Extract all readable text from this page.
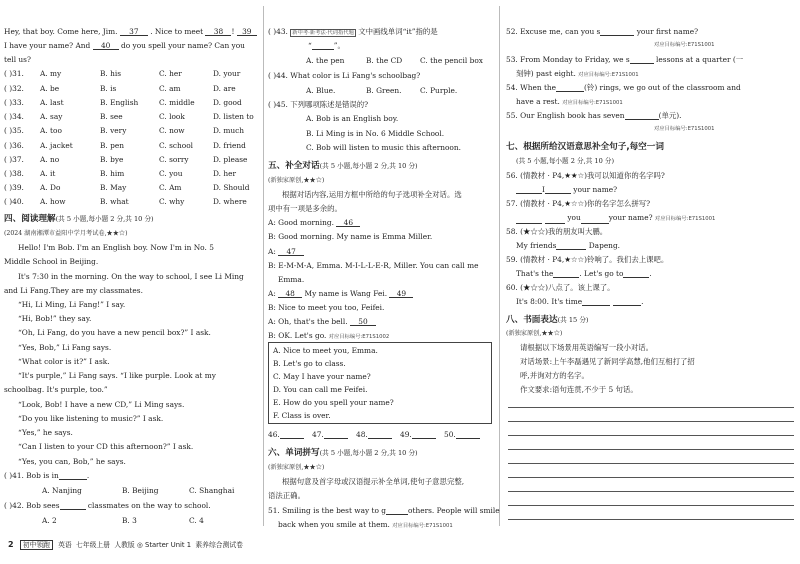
Hey, that boy. Come here, Jim. 37 . Nice to meet 38 ! 39
I have your name? And 40 do you spell your name? Can you
tell us?
( )31. A. my	B. his	C. her	D. your
( )32. A. be	B. is	C. am	D. are
( )33. A. last	B. English	C. middle D. good
( )34. A. say	B. see	C. look	D. listen to
( )35. A. too	B. very	C. now	D. much
( )36. A. jacket	B. pen	C. school	D. friend
( )37. A. no	B. bye	C. sorry	D. please
( )38. A. it	B. him	C. you	D. her
( )39. A. Do	B. May	C. Am	D. Should
( )40. A. how	B. what	C. why	D. where
四、阅读理解(共 5 小题,每小题 2 分,共 10 分)
(2024 湖南湘潭市益阳中学月考试卷,★★☆)
Hello! I'm Bob. I'm an English boy. Now I'm in No. 5
Middle School in Beijing.
It's 7:30 in the morning. On the way to school, I see Li Ming
and Li Fang.They are my classmates.
“Hi, Li Ming, Li Fang!” I say.
“Hi, Bob!” they say.
“Oh, Li Fang, do you have a new pencil box?” I ask.
“Yes, Bob,” Li Fang says.
“What color is it?” I ask.
“It's purple,” Li Fang says. “I like purple. Look at my
schoolbag. It's purple, too.”
“Look, Bob! I have a new CD,” Li Ming says.
“Do you like listening to music?” I ask.
“Yes,” he says.
“Can I listen to your CD this afternoon?” I ask.
“Yes, you can, Bob,” he says.
( )41. Bob is in	.
A. Nanjing	B. Beijing	C. Shanghai
( )42. Bob sees	classmates on the way to school.
A. 2	B. 3	C. 4
( )43. 新中考·新考法·代词指代题 文中画线单词“it”指的是
“	”。
A. the pen	B. the CD C. the pencil box
( )44. What color is Li Fang's schoolbag?
A. Blue.	B. Green.	C. Purple.
( )45. 下列哪项陈述是错误的?
A. Bob is an English boy.
B. Li Ming is in No. 6 Middle School.
C. Bob will listen to music this afternoon.
五、补全对话(共 5 小题,每小题 2 分,共 10 分)
(新独家原创,★★☆)
根据对话内容,运用方框中所给的句子选项补全对话。选
项中有一项是多余的。
A: Good morning. 46
B: Good morning. My name is Emma Miller.
A: 47
B: E-M-M-A, Emma. M-I-L-L-E-R, Miller. You can call me
Emma.
A: 48 My name is Wang Fei. 49
B: Nice to meet you too, Feifei.
A: Oh, that's the bell. 50
B: OK. Let's go. 对应目标编号:E71S1002
A. Nice to meet you, Emma.
B. Let's go to class.
C. May I have your name?
D. You can call me Feifei.
E. How do you spell your name?
F. Class is over.
46.	47.	48.	49.	50.
六、单词拼写(共 5 小题,每小题 2 分,共 10 分)
(新独家原创,★★☆)
根据句意及首字母或汉语提示补全单词,使句子意思完整,
语法正确。
51. Smiling is the best way to g	others. People will smile
back when you smile at them. 对应目标编号:E71S1001
52. Excuse me, can you s	your first name?
对应目标编号:E71S1001
53. From Monday to Friday, we s	lessons at a quarter (一
刻钟) past eight. 对应目标编号:E71S1001
54. When the	(铃) rings, we go out of the classroom and
have a rest. 对应目标编号:E71S1001
55. Our English book has seven	(单元).
对应目标编号:E71S1001
七、根据所给汉语意思补全句子,每空一词
(共 5 小题,每小题 2 分,共 10 分)
56. (情教材 · P4,★★☆)我可以知道你的名字吗?
I	your name?
57. (情教材 · P4,★☆☆)你的名字怎么拼写?
you	your name? 对应目标编号:E71S1001
58. (★☆☆)我的朋友叫大鹏。
My friends	Dapeng.
59. (情教材 · P4,★☆☆)铃响了。我们去上课吧。
That's the	. Let's go to	.
60. (★☆☆)八点了。该上课了。
It's 8:00. It's time	.
八、书面表达(共 15 分)
(新独家原创,★★☆)
请根据以下场景用英语编写一段小对话。
对话场景:上午李磊遇见了新同学高慧,他们互相打了招
呼,并询对方的名字。
作文要求:语句连贯,不少于 5 句话。
2 初中领跑 英语 七年级上册 人教版 ◎ Starter Unit 1 素养综合测试卷
